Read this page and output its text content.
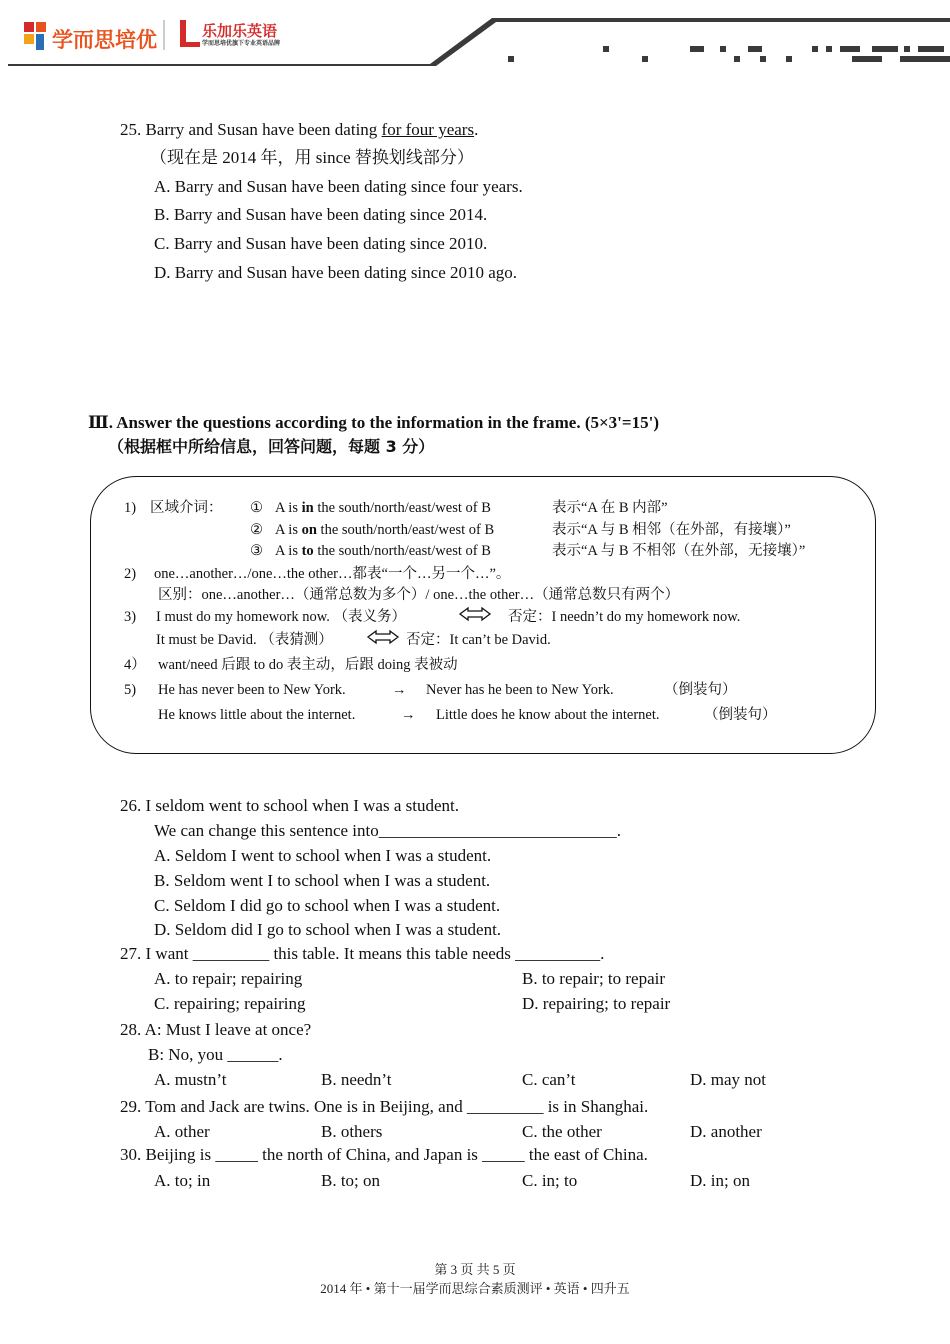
学而思培优	乐加乐英语
学而思培优旗下专业英语品牌
25. Barry and Susan have been dating for four years.
（现在是 2014 年，用 since 替换划线部分）
A. Barry and Susan have been dating since four years.
B. Barry and Susan have been dating since 2014.
C. Barry and Susan have been dating since 2010.
D. Barry and Susan have been dating since 2010 ago.
Ⅲ. Answer the questions according to the information in the frame. (5×3'=15')
（根据框中所给信息，回答问题，每题 3 分）
1) 区域介词： ① A is in the south/north/east/west of B	表示“A 在 B 内部”
② A is on the south/north/east/west of B	表示“A 与 B 相邻（在外部，有接壤）”
③ A is to the south/north/east/west of B	表示“A 与 B 不相邻（在外部，无接壤）”
2) one…another…/one…the other…都表“一个…另一个…”。
区别：one…another…（通常总数为多个）/ one…the other…（通常总数只有两个）
3) I must do my homework now. （表义务）	否定：I needn’t do my homework now.
It must be David. （表猜测）	否定：It can’t be David.
4） want/need 后跟 to do 表主动，后跟 doing 表被动
5) He has never been to New York.	→ Never has he been to New York.	（倒装句）
He knows little about the internet.	→ Little does he know about the internet.	（倒装句）
26. I seldom went to school when I was a student.
We can change this sentence into____________________________.
A. Seldom I went to school when I was a student.
B. Seldom went I to school when I was a student.
C. Seldom I did go to school when I was a student.
D. Seldom did I go to school when I was a student.
27. I want _________ this table. It means this table needs __________.
A. to repair; repairing	B. to repair; to repair
C. repairing; repairing	D. repairing; to repair
28. A: Must I leave at once?
B: No, you ______.
A. mustn’t	B. needn’t	C. can’t	D. may not
29. Tom and Jack are twins. One is in Beijing, and _________ is in Shanghai.
A. other	B. others	C. the other	D. another
30. Beijing is _____ the north of China, and Japan is _____ the east of China.
A. to; in	B. to; on	C. in; to	D. in; on
第 3 页 共 5 页
2014 年 • 第十一届学而思综合素质测评 • 英语 • 四升五
